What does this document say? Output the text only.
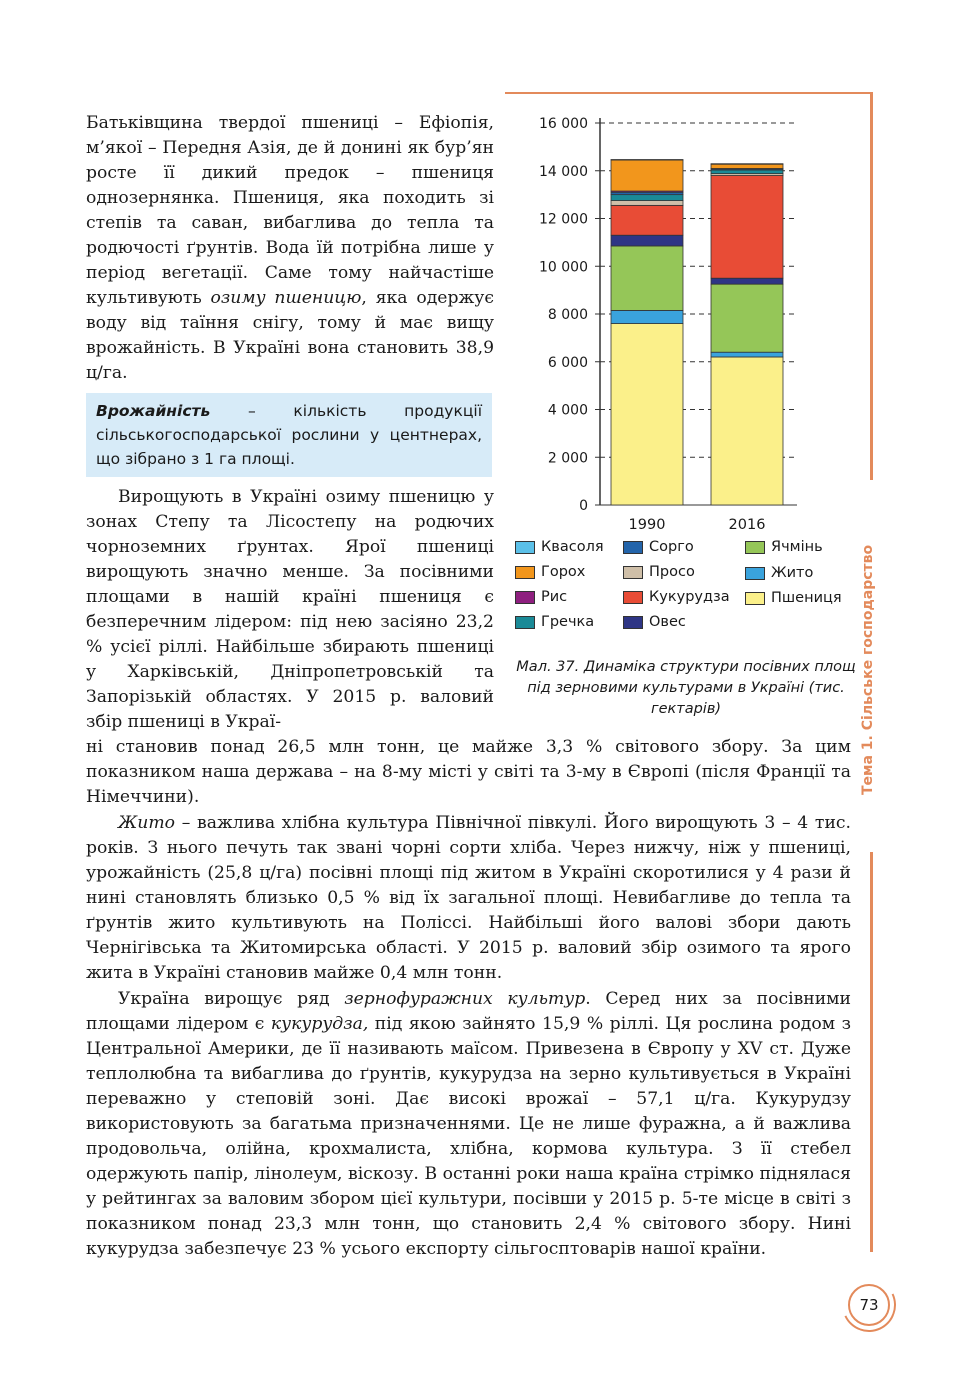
Тема 1. Сільське господарство

Батьківщина твердої пшениці – Ефіопія, м’якої – Передня Азія, де й донині як бур’ян росте її дикий предок – пшениця однозернянка. Пшениця, яка походить зі степів та саван, вибаглива до тепла та родючості ґрунтів. Вода їй потрібна лише у період вегетації. Саме тому найчастіше культивують озиму пшеницю, яка одержує воду від таїння снігу, тому й має вищу врожайність. В Україні вона становить 38,9 ц/га.

Врожайність – кількість продукції сільськогосподарської рослини у центнерах, що зібрано з 1 га площі.

Вирощують в Україні озиму пшеницю у зонах Степу та Лісостепу на родючих чорноземних ґрунтах. Ярої пшениці вирощують значно менше. За посівними площами в нашій країні пшениця є безперечним лідером: під нею засіяно 23,2 % усієї ріллі. Найбільше збирають пшениці у Харківській, Дніпропетровській та Запорізькій областях. У 2015 р. валовий збір пшениці в Украї-

ні становив понад 26,5 млн тонн, це майже 3,3 % світового збору. За цим показником наша держава – на 8-му місті у світі та 3-му в Європі (після Франції та Німеччини).

Жито – важлива хлібна культура Північної півкулі. Його вирощують 3 – 4 тис. років. З нього печуть так звані чорні сорти хліба. Через нижчу, ніж у пшениці, урожайність (25,8 ц/га) посівні площі під житом в Україні скоротилися у 4 рази й нині становлять близько 0,5 % від їх загальної площі. Невибагливе до тепла та ґрунтів жито культивують на Поліссі. Найбільші його валові збори дають Чернігівська та Житомирська області. У 2015 р. валовий збір озимого та ярого жита в Україні становив майже 0,4 млн тонн.

Україна вирощує ряд зернофуражних культур. Серед них за посівними площами лідером є кукурудза, під якою зайнято 15,9 % ріллі. Ця рослина родом з Центральної Америки, де її називають маїсом. Привезена в Європу у XV ст. Дуже теплолюбна та вибаглива до ґрунтів, кукурудза на зерно культивується в Україні переважно у степовій зоні. Дає високі врожаї – 57,1 ц/га. Кукурудзу використовують за багатьма призначеннями. Це не лише фуражна, а й важлива продовольча, олійна, крохмалиста, хлібна, кормова культура. З її стебел одержують папір, лінолеум, віскозу. В останні роки наша країна стрімко піднялася у рейтингах за валовим збором цієї культури, посівши у 2015 р. 5-те місце в світі з показником понад 23,3 млн тонн, що становить 2,4 % світового збору. Нині кукурудза забезпечує 23 % усього експорту сільгосптоварів нашої країни.

0
2 000
4 000
6 000
8 000
10 000
12 000
14 000
16 000
1990	2016
Квасоля	Сорго	Ячмінь
Горох	Просо	Жито
Рис	Кукурудза	Пшениця
Гречка	Овес
Мал. 37. Динаміка структури посівних площ під зерновими культурами в Україні (тис. гектарів)
73
